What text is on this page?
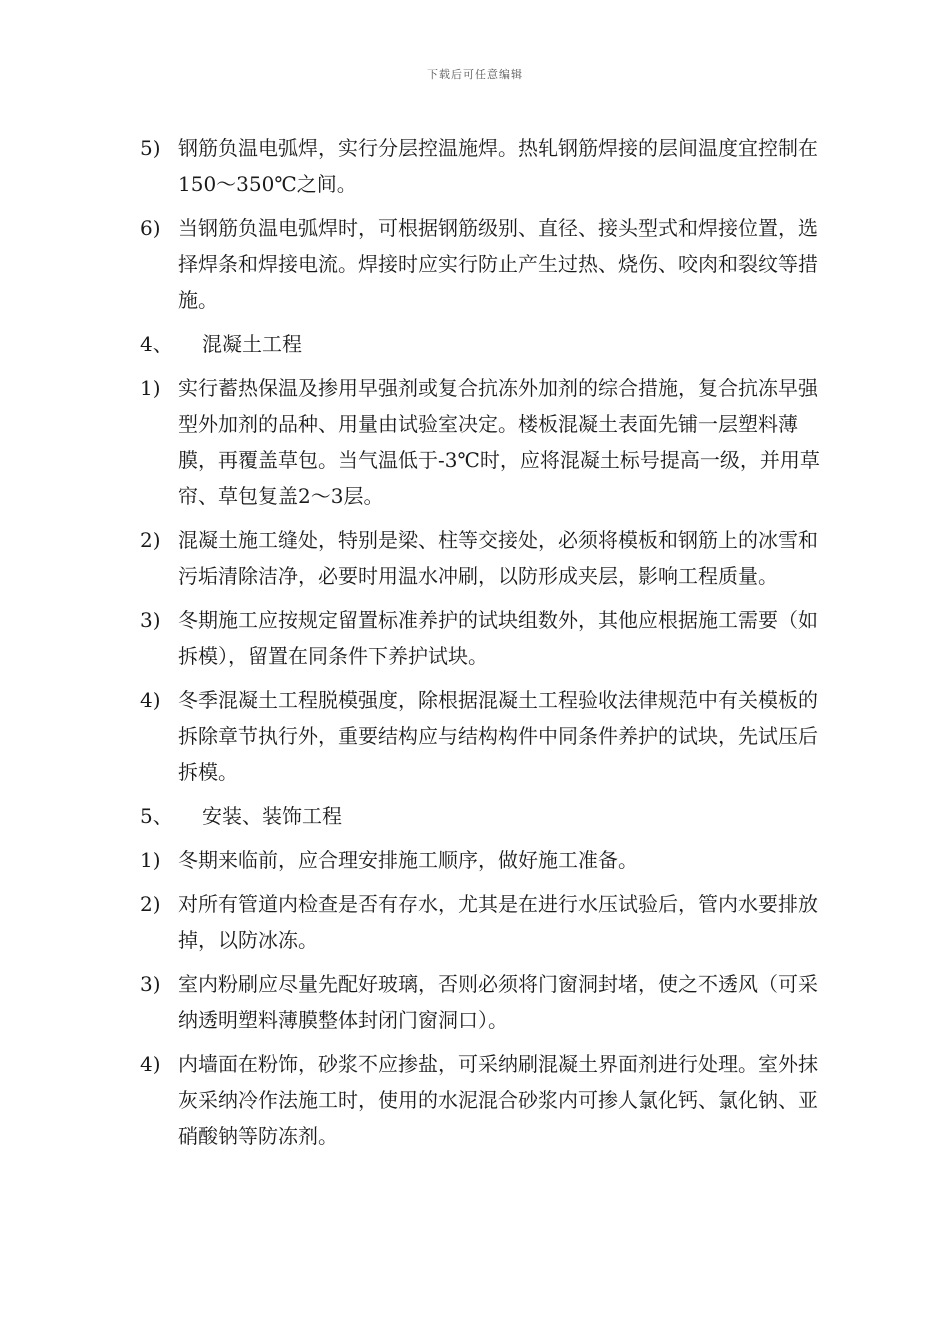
下载后可任意编辑
5) 钢筋负温电弧焊，实行分层控温施焊。热轧钢筋焊接的层间温度宜控制在150～350℃之间。
6) 当钢筋负温电弧焊时，可根据钢筋级别、直径、接头型式和焊接位置，选择焊条和焊接电流。焊接时应实行防止产生过热、烧伤、咬肉和裂纹等措施。
4、	混凝土工程
1) 实行蓄热保温及掺用早强剂或复合抗冻外加剂的综合措施，复合抗冻早强型外加剂的品种、用量由试验室决定。楼板混凝土表面先铺一层塑料薄膜，再覆盖草包。当气温低于-3℃时，应将混凝土标号提高一级，并用草帘、草包复盖2～3层。
2) 混凝土施工缝处，特别是梁、柱等交接处，必须将模板和钢筋上的冰雪和污垢清除洁净，必要时用温水冲刷，以防形成夹层，影响工程质量。
3) 冬期施工应按规定留置标准养护的试块组数外，其他应根据施工需要（如拆模），留置在同条件下养护试块。
4) 冬季混凝土工程脱模强度，除根据混凝土工程验收法律规范中有关模板的拆除章节执行外，重要结构应与结构构件中同条件养护的试块，先试压后拆模。
5、	安装、装饰工程
1) 冬期来临前，应合理安排施工顺序，做好施工准备。
2) 对所有管道内检查是否有存水，尤其是在进行水压试验后，管内水要排放掉，以防冰冻。
3) 室内粉刷应尽量先配好玻璃，否则必须将门窗洞封堵，使之不透风（可采纳透明塑料薄膜整体封闭门窗洞口）。
4) 内墙面在粉饰，砂浆不应掺盐，可采纳刷混凝土界面剂进行处理。室外抹灰采纳冷作法施工时，使用的水泥混合砂浆内可掺人氯化钙、氯化钠、亚硝酸钠等防冻剂。
